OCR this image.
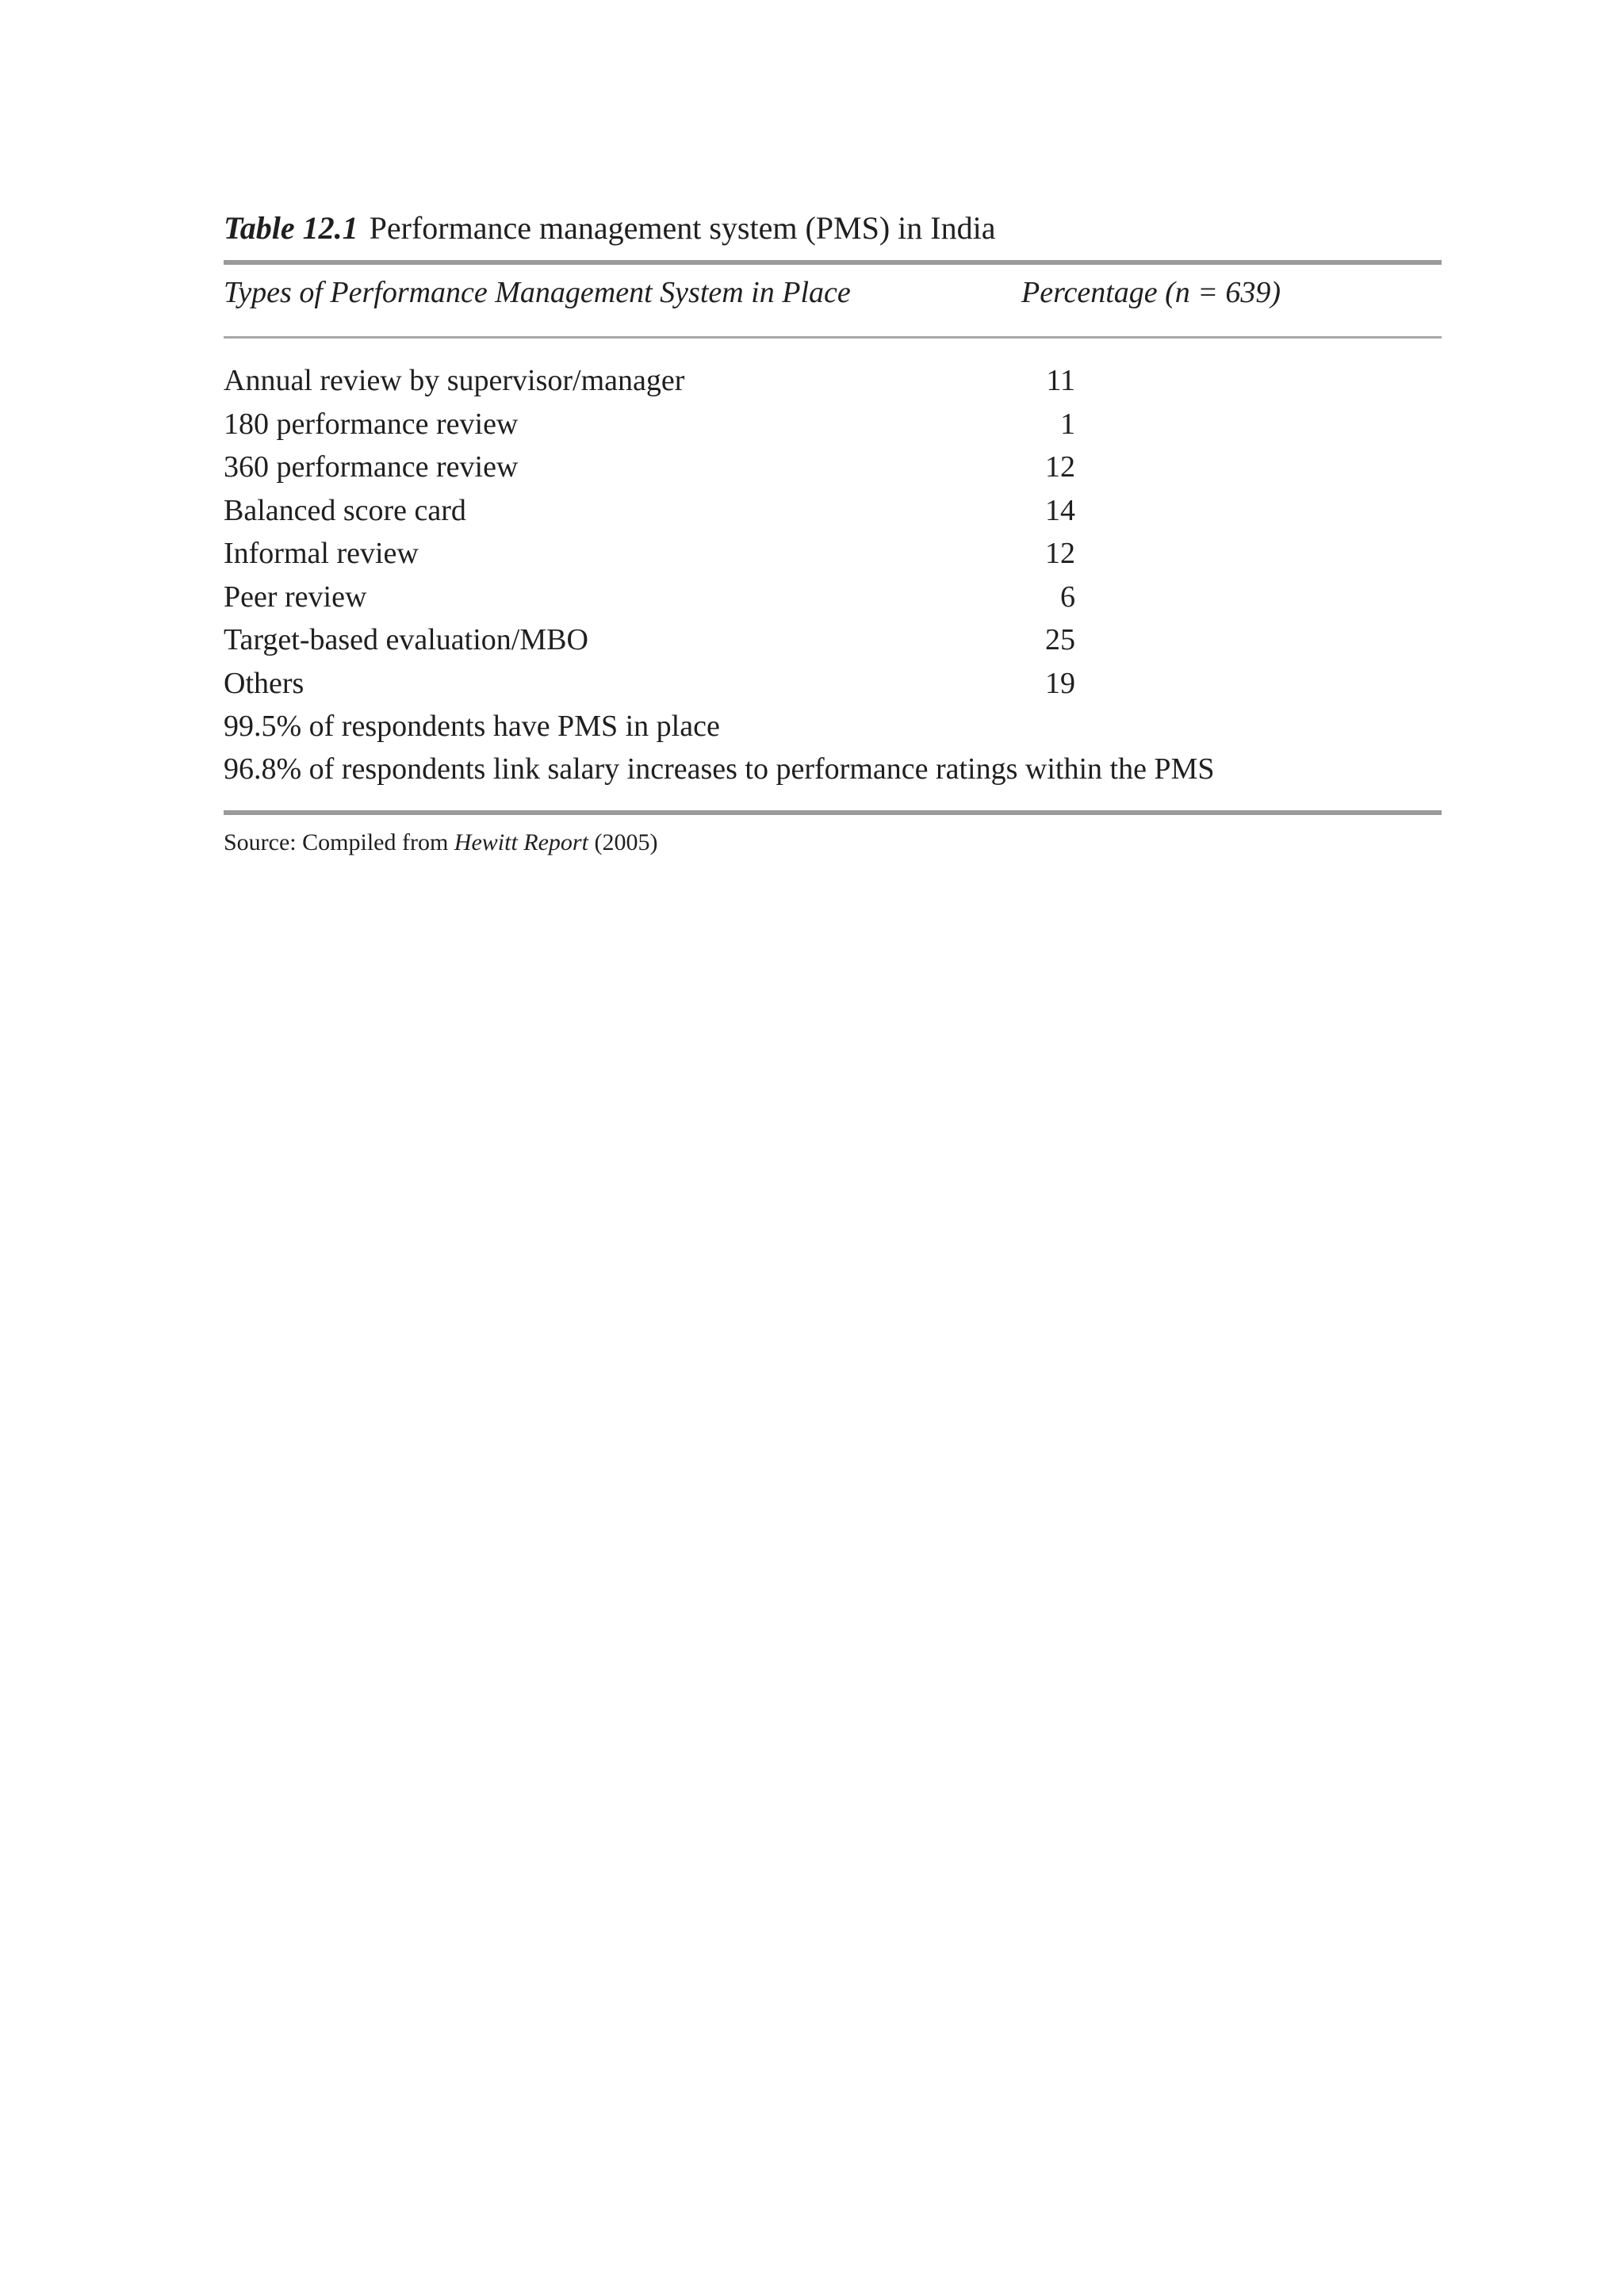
Table 12.1 Performance management system (PMS) in India
Types of Performance Management System in Place	Percentage (n = 639)
Annual review by supervisor/manager	11
180 performance review	1
360 performance review	12
Balanced score card	14
Informal review	12
Peer review	6
Target-based evaluation/MBO	25
Others	19
99.5% of respondents have PMS in place
96.8% of respondents link salary increases to performance ratings within the PMS
Source: Compiled from Hewitt Report (2005)
